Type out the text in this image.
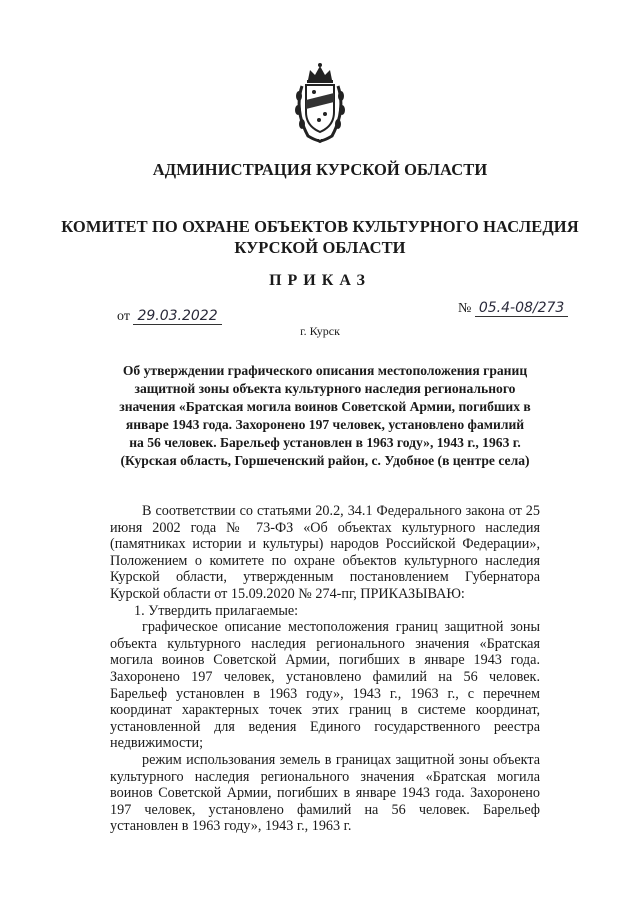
АДМИНИСТРАЦИЯ КУРСКОЙ ОБЛАСТИ
КОМИТЕТ ПО ОХРАНЕ ОБЪЕКТОВ КУЛЬТУРНОГО НАСЛЕДИЯ
КУРСКОЙ ОБЛАСТИ
ПРИКАЗ
от 29.03.2022	№ 05.4-08/273
г. Курск
Об утверждении графического описания местоположения границ
защитной зоны объекта культурного наследия регионального
значения «Братская могила воинов Советской Армии, погибших в
январе 1943 года. Захоронено 197 человек, установлено фамилий
на 56 человек. Барельеф установлен в 1963 году», 1943 г., 1963 г.
(Курская область, Горшеченский район, с. Удобное (в центре села)

В соответствии со статьями 20.2, 34.1 Федерального закона от 25 июня 2002 года № 73-ФЗ «Об объектах культурного наследия (памятниках истории и культуры) народов Российской Федерации», Положением о комитете по охране объектов культурного наследия Курской области, утвержденным постановлением Губернатора Курской области от 15.09.2020 № 274-пг, ПРИКАЗЫВАЮ:

1. Утвердить прилагаемые:

графическое описание местоположения границ защитной зоны объекта культурного наследия регионального значения «Братская могила воинов Советской Армии, погибших в январе 1943 года. Захоронено 197 человек, установлено фамилий на 56 человек. Барельеф установлен в 1963 году», 1943 г., 1963 г., с перечнем координат характерных точек этих границ в системе координат, установленной для ведения Единого государственного реестра недвижимости;

режим использования земель в границах защитной зоны объекта культурного наследия регионального значения «Братская могила воинов Советской Армии, погибших в январе 1943 года. Захоронено 197 человек, установлено фамилий на 56 человек. Барельеф установлен в 1963 году», 1943 г., 1963 г.
